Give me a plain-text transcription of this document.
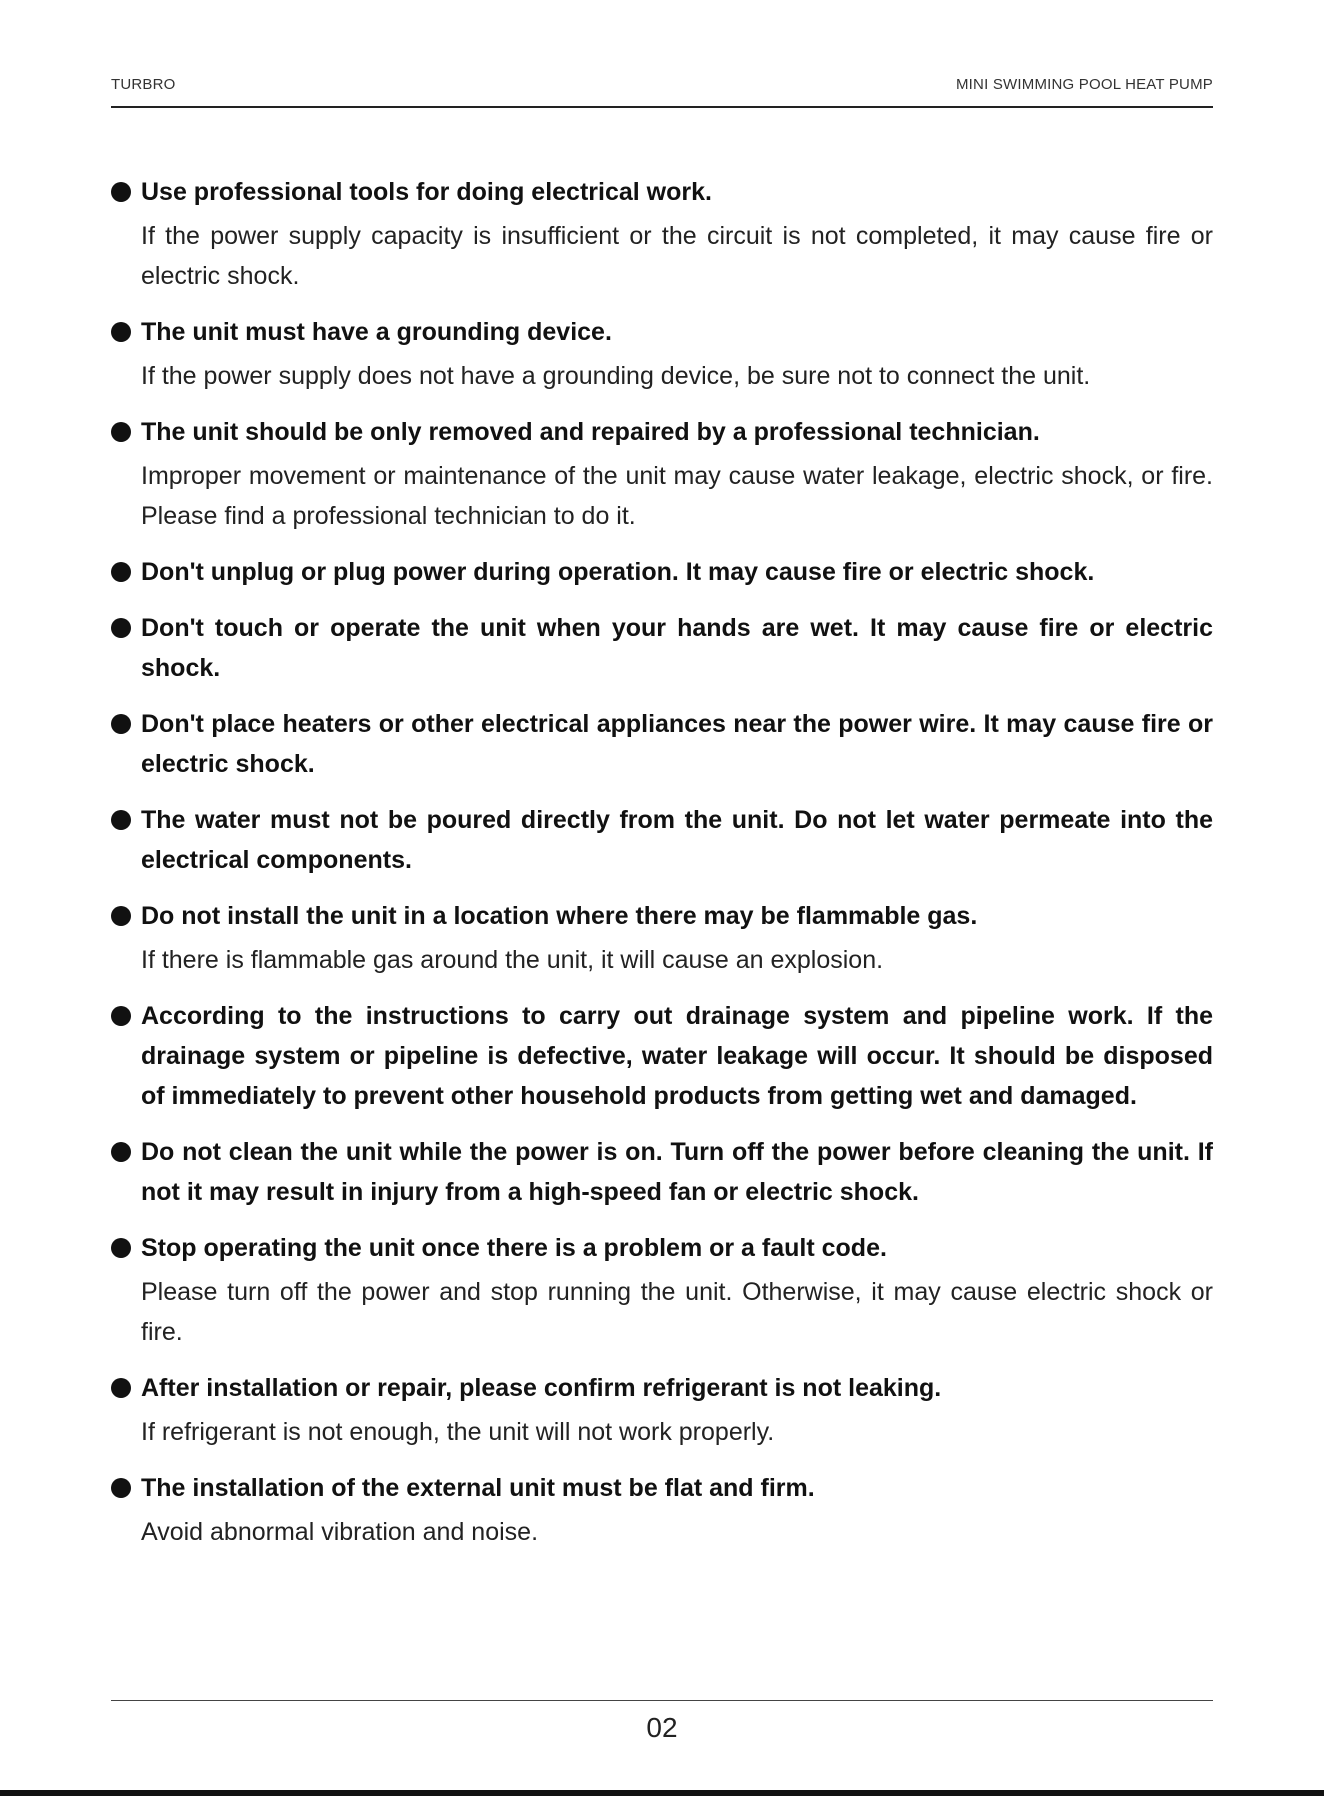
TURBRO	MINI SWIMMING POOL HEAT PUMP
Use professional tools for doing electrical work.
If the power supply capacity is insufficient or the circuit is not completed, it may cause fire or electric shock.
The unit must have a grounding device.
If the power supply does not have a grounding device, be sure not to connect the unit.
The unit should be only removed and repaired by a professional technician.
Improper movement or maintenance of the unit may cause water leakage, electric shock, or fire. Please find a professional technician to do it.
Don't unplug or plug power during operation. It may cause fire or electric shock.
Don't touch or operate the unit when your hands are wet. It may cause fire or electric shock.
Don't place heaters or other electrical appliances near the power wire. It may cause fire or electric shock.
The water must not be poured directly from the unit. Do not let water permeate into the electrical components.
Do not install the unit in a location where there may be flammable gas.
If there is flammable gas around the unit, it will cause an explosion.
According to the instructions to carry out drainage system and pipeline work. If the drainage system or pipeline is defective, water leakage will occur. It should be disposed of immediately to prevent other household products from getting wet and damaged.
Do not clean the unit while the power is on. Turn off the power before cleaning the unit. If not it may result in injury from a high-speed fan or electric shock.
Stop operating the unit once there is a problem or a fault code.
Please turn off the power and stop running the unit. Otherwise, it may cause electric shock or fire.
After installation or repair, please confirm refrigerant is not leaking.
If refrigerant is not enough, the unit will not work properly.
The installation of the external unit must be flat and firm.
Avoid abnormal vibration and noise.
02
